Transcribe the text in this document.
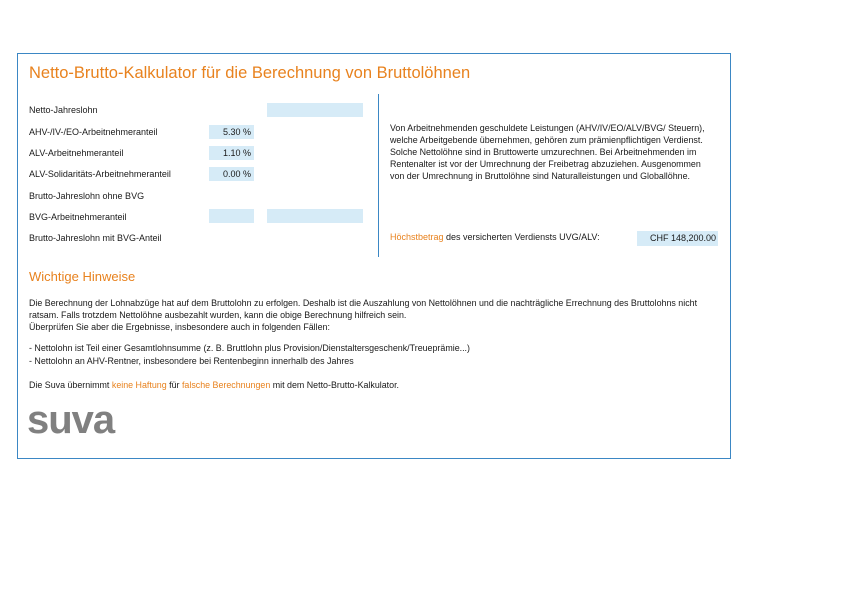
Netto-Brutto-Kalkulator für die Berechnung von Bruttolöhnen
Netto-Jahreslohn
AHV-/IV-/EO-Arbeitnehmeranteil
ALV-Arbeitnehmeranteil
ALV-Solidaritäts-Arbeitnehmeranteil
Brutto-Jahreslohn ohne BVG
BVG-Arbeitnehmeranteil
Brutto-Jahreslohn mit BVG-Anteil
5.30 %
1.10 %
0.00 %
Von Arbeitnehmenden geschuldete Leistungen (AHV/IV/EO/ALV/BVG/ Steuern), welche Arbeitgebende übernehmen, gehören zum prämienpflichtigen Verdienst. Solche Nettolöhne sind in Bruttowerte umzurechnen. Bei Arbeitnehmenden im Rentenalter ist vor der Umrechnung der Freibetrag abzuziehen. Ausgenommen von der Umrechnung in Bruttolöhne sind Naturalleistungen und Globallöhne.
Höchstbetrag des versicherten Verdiensts UVG/ALV:	CHF 148,200.00
Wichtige Hinweise
Die Berechnung der Lohnabzüge hat auf dem Bruttolohn zu erfolgen. Deshalb ist die Auszahlung von Nettolöhnen und die nachträgliche Errechnung des Bruttolohns nicht ratsam. Falls trotzdem Nettolöhne ausbezahlt wurden, kann die obige Berechnung hilfreich sein.
Überprüfen Sie aber die Ergebnisse, insbesondere auch in folgenden Fällen:
- Nettolohn ist Teil einer Gesamtlohnsumme (z. B. Bruttlohn plus Provision/Dienstaltersgeschenk/Treueprämie...)
- Nettolohn an AHV-Rentner, insbesondere bei Rentenbeginn innerhalb des Jahres
Die Suva übernimmt keine Haftung für falsche Berechnungen mit dem Netto-Brutto-Kalkulator.
suva
